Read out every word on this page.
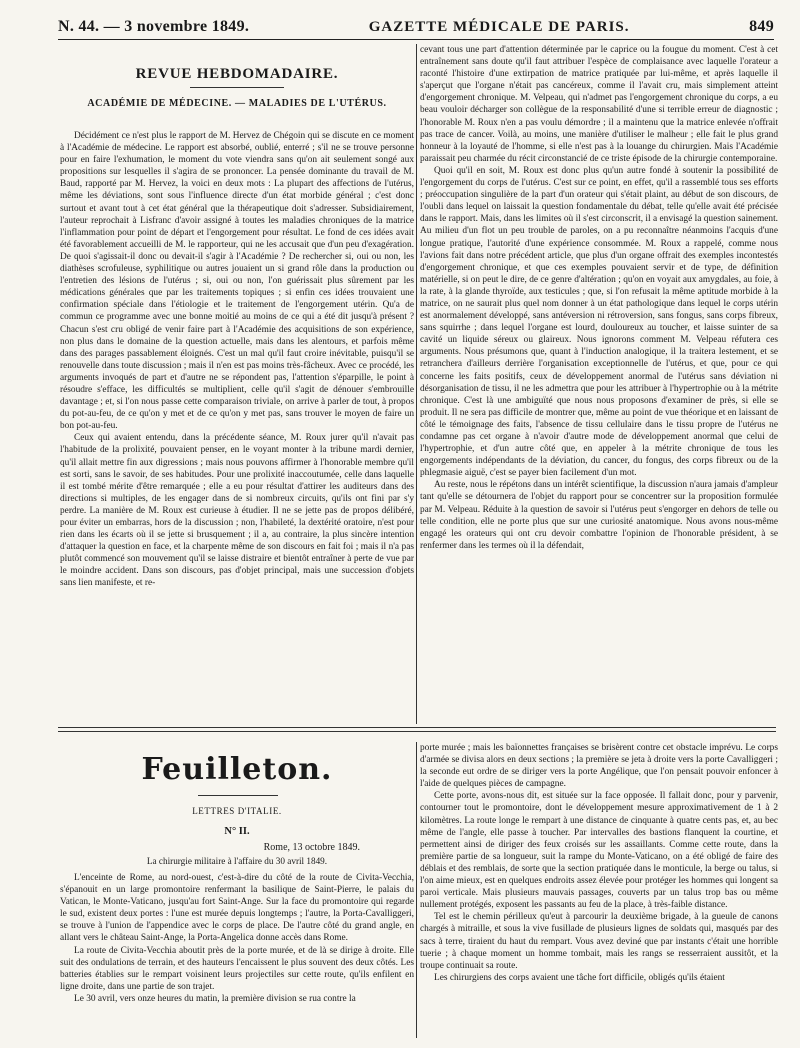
N. 44. — 3 novembre 1849.	GAZETTE MÉDICALE DE PARIS.	849
REVUE HEBDOMADAIRE.
ACADÉMIE DE MÉDECINE. — MALADIES DE L'UTÉRUS.

Décidément ce n'est plus le rapport de M. Hervez de Chégoin qui se discute en ce moment à l'Académie de médecine. Le rapport est absorbé, oublié, enterré ; s'il ne se trouve personne pour en faire l'exhumation, le moment du vote viendra sans qu'on ait seulement songé aux propositions sur lesquelles il s'agira de se prononcer. La pensée dominante du travail de M. Baud, rapporté par M. Hervez, la voici en deux mots : La plupart des affections de l'utérus, même les déviations, sont sous l'influence directe d'un état morbide général ; c'est donc surtout et avant tout à cet état général que la thérapeutique doit s'adresser. Subsidiairement, l'auteur reprochait à Lisfranc d'avoir assigné à toutes les maladies chroniques de la matrice l'inflammation pour point de départ et l'engorgement pour résultat. Le fond de ces idées avait été favorablement accueilli de M. le rapporteur, qui ne les accusait que d'un peu d'exagération. De quoi s'agissait-il donc ou devait-il s'agir à l'Académie ? De rechercher si, oui ou non, les diathèses scrofuleuse, syphilitique ou autres jouaient un si grand rôle dans la production ou l'entretien des lésions de l'utérus ; si, oui ou non, l'on guérissait plus sûrement par les médications générales que par les traitements topiques ; si enfin ces idées trouvaient une confirmation spéciale dans l'étiologie et le traitement de l'engorgement utérin. Qu'a de commun ce programme avec une bonne moitié au moins de ce qui a été dit jusqu'à présent ? Chacun s'est cru obligé de venir faire part à l'Académie des acquisitions de son expérience, non plus dans le domaine de la question actuelle, mais dans les alentours, et parfois même dans des parages passablement éloignés. C'est un mal qu'il faut croire inévitable, puisqu'il se renouvelle dans toute discussion ; mais il n'en est pas moins très-fâcheux. Avec ce procédé, les arguments invoqués de part et d'autre ne se répondent pas, l'attention s'éparpille, le point à résoudre s'efface, les difficultés se multiplient, celle qu'il s'agit de dénouer s'embrouille davantage ; et, si l'on nous passe cette comparaison triviale, on arrive à parler de tout, à propos du pot-au-feu, de ce qu'on y met et de ce qu'on y met pas, sans trouver le moyen de faire un bon pot-au-feu.

Ceux qui avaient entendu, dans la précédente séance, M. Roux jurer qu'il n'avait pas l'habitude de la prolixité, pouvaient penser, en le voyant monter à la tribune mardi dernier, qu'il allait mettre fin aux digressions ; mais nous pouvons affirmer à l'honorable membre qu'il est sorti, sans le savoir, de ses habitudes. Pour une prolixité inaccoutumée, celle dans laquelle il est tombé mérite d'être remarquée ; elle a eu pour résultat d'attirer les auditeurs dans des directions si multiples, de les engager dans de si nombreux circuits, qu'ils ont fini par s'y perdre. La manière de M. Roux est curieuse à étudier. Il ne se jette pas de propos délibéré, pour éviter un embarras, hors de la discussion ; non, l'habileté, la dextérité oratoire, n'est pour rien dans les écarts où il se jette si brusquement ; il a, au contraire, la plus sincère intention d'attaquer la question en face, et la charpente même de son discours en fait foi ; mais il n'a pas plutôt commencé son mouvement qu'il se laisse distraire et bientôt entraîner à perte de vue par le moindre accident. Dans son discours, pas d'objet principal, mais une succession d'objets sans lien manifeste, et re-

cevant tous une part d'attention déterminée par le caprice ou la fougue du moment. C'est à cet entraînement sans doute qu'il faut attribuer l'espèce de complaisance avec laquelle l'orateur a raconté l'histoire d'une extirpation de matrice pratiquée par lui-même, et après laquelle il s'aperçut que l'organe n'était pas cancéreux, comme il l'avait cru, mais simplement atteint d'engorgement chronique. M. Velpeau, qui n'admet pas l'engorgement chronique du corps, a eu beau vouloir décharger son collègue de la responsabilité d'une si terrible erreur de diagnostic ; l'honorable M. Roux n'en a pas voulu démordre ; il a maintenu que la matrice enlevée n'offrait pas trace de cancer. Voilà, au moins, une manière d'utiliser le malheur ; elle fait le plus grand honneur à la loyauté de l'homme, si elle n'est pas à la louange du chirurgien. Mais l'Académie paraissait peu charmée du récit circonstancié de ce triste épisode de la chirurgie contemporaine.

Quoi qu'il en soit, M. Roux est donc plus qu'un autre fondé à soutenir la possibilité de l'engorgement du corps de l'utérus. C'est sur ce point, en effet, qu'il a rassemblé tous ses efforts ; préoccupation singulière de la part d'un orateur qui s'était plaint, au début de son discours, de l'oubli dans lequel on laissait la question fondamentale du débat, telle qu'elle avait été précisée dans le rapport. Mais, dans les limites où il s'est circonscrit, il a envisagé la question sainement. Au milieu d'un flot un peu trouble de paroles, on a pu reconnaître néanmoins l'acquis d'une longue pratique, l'autorité d'une expérience consommée. M. Roux a rappelé, comme nous l'avions fait dans notre précédent article, que plus d'un organe offrait des exemples incontestés d'engorgement chronique, et que ces exemples pouvaient servir et de type, de définition matérielle, si on peut le dire, de ce genre d'altération ; qu'on en voyait aux amygdales, au foie, à la rate, à la glande thyroïde, aux testicules ; que, si l'on refusait la même aptitude morbide à la matrice, on ne saurait plus quel nom donner à un état pathologique dans lequel le corps utérin est anormalement développé, sans antéversion ni rétroversion, sans fongus, sans corps fibreux, sans squirrhe ; dans lequel l'organe est lourd, douloureux au toucher, et laisse suinter de sa cavité un liquide séreux ou glaireux. Nous ignorons comment M. Velpeau réfutera ces arguments. Nous présumons que, quant à l'induction analogique, il la traitera lestement, et se retranchera d'ailleurs derrière l'organisation exceptionnelle de l'utérus, et que, pour ce qui concerne les faits positifs, ceux de développement anormal de l'utérus sans déviation ni désorganisation de tissu, il ne les admettra que pour les attribuer à l'hypertrophie ou à la métrite chronique. C'est là une ambiguïté que nous nous proposons d'examiner de près, si elle se produit. Il ne sera pas difficile de montrer que, même au point de vue théorique et en laissant de côté le témoignage des faits, l'absence de tissu cellulaire dans le tissu propre de l'utérus ne condamne pas cet organe à n'avoir d'autre mode de développement anormal que celui de l'hypertrophie, et d'un autre côté que, en appeler à la métrite chronique de tous les engorgements indépendants de la déviation, du cancer, du fongus, des corps fibreux ou de la phlegmasie aiguë, c'est se payer bien facilement d'un mot.

Au reste, nous le répétons dans un intérêt scientifique, la discussion n'aura jamais d'ampleur tant qu'elle se détournera de l'objet du rapport pour se concentrer sur la proposition formulée par M. Velpeau. Réduite à la question de savoir si l'utérus peut s'engorger en dehors de telle ou telle condition, elle ne porte plus que sur une curiosité anatomique. Nous avons nous-même engagé les orateurs qui ont cru devoir combattre l'opinion de l'honorable président, à se renfermer dans les termes où il la défendait,

Feuilleton.
LETTRES D'ITALIE.
N° II.
Rome, 13 octobre 1849.
La chirurgie militaire à l'affaire du 30 avril 1849.

L'enceinte de Rome, au nord-ouest, c'est-à-dire du côté de la route de Civita-Vecchia, s'épanouit en un large promontoire renfermant la basilique de Saint-Pierre, le palais du Vatican, le Monte-Vaticano, jusqu'au fort Saint-Ange. Sur la face du promontoire qui regarde le sud, existent deux portes : l'une est murée depuis longtemps ; l'autre, la Porta-Cavalliggeri, se trouve à l'union de l'appendice avec le corps de place. De l'autre côté du grand angle, en allant vers le château Saint-Ange, la Porta-Angelica donne accès dans Rome.

La route de Civita-Vecchia aboutit près de la porte murée, et de là se dirige à droite. Elle suit des ondulations de terrain, et des hauteurs l'encaissent le plus souvent des deux côtés. Les batteries établies sur le rempart voisinent leurs projectiles sur cette route, qu'ils enfilent en ligne droite, dans une partie de son trajet.

Le 30 avril, vers onze heures du matin, la première division se rua contre la

porte murée ; mais les baïonnettes françaises se brisèrent contre cet obstacle imprévu. Le corps d'armée se divisa alors en deux sections ; la première se jeta à droite vers la porte Cavalliggeri ; la seconde eut ordre de se diriger vers la porte Angélique, que l'on pensait pouvoir enfoncer à l'aide de quelques pièces de campagne.

Cette porte, avons-nous dit, est située sur la face opposée. Il fallait donc, pour y parvenir, contourner tout le promontoire, dont le développement mesure approximativement de 1 à 2 kilomètres. La route longe le rempart à une distance de cinquante à quatre cents pas, et, au bec même de l'angle, elle passe à toucher. Par intervalles des bastions flanquent la courtine, et permettent ainsi de diriger des feux croisés sur les assaillants. Comme cette route, dans la première partie de sa longueur, suit la rampe du Monte-Vaticano, on a été obligé de faire des déblais et des remblais, de sorte que la section pratiquée dans le monticule, la berge ou talus, si l'on aime mieux, est en quelques endroits assez élevée pour protéger les hommes qui longent sa paroi verticale. Mais plusieurs mauvais passages, couverts par un talus trop bas ou même nullement protégés, exposent les passants au feu de la place, à très-faible distance.

Tel est le chemin périlleux qu'eut à parcourir la deuxième brigade, à la gueule de canons chargés à mitraille, et sous la vive fusillade de plusieurs lignes de soldats qui, masqués par des sacs à terre, tiraient du haut du rempart. Vous avez deviné que par instants c'était une horrible tuerie ; à chaque moment un homme tombait, mais les rangs se resserraient aussitôt, et la troupe continuait sa route.

Les chirurgiens des corps avaient une tâche fort difficile, obligés qu'ils étaient
